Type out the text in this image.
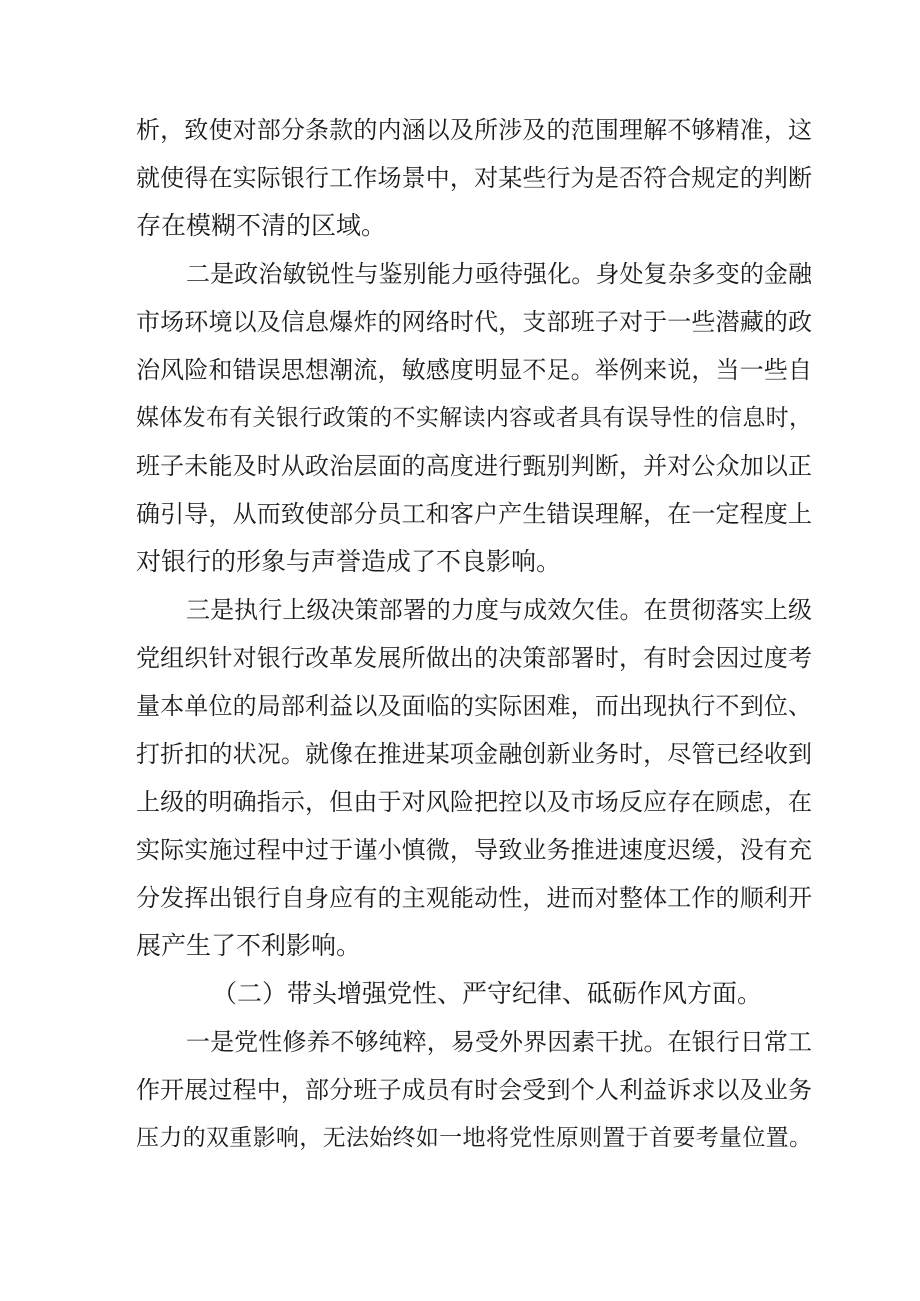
析，致使对部分条款的内涵以及所涉及的范围理解不够精准，这
就使得在实际银行工作场景中，对某些行为是否符合规定的判断
存在模糊不清的区域。
二是政治敏锐性与鉴别能力亟待强化。身处复杂多变的金融
市场环境以及信息爆炸的网络时代，支部班子对于一些潜藏的政
治风险和错误思想潮流，敏感度明显不足。举例来说，当一些自
媒体发布有关银行政策的不实解读内容或者具有误导性的信息时，
班子未能及时从政治层面的高度进行甄别判断，并对公众加以正
确引导，从而致使部分员工和客户产生错误理解，在一定程度上
对银行的形象与声誉造成了不良影响。
三是执行上级决策部署的力度与成效欠佳。在贯彻落实上级
党组织针对银行改革发展所做出的决策部署时，有时会因过度考
量本单位的局部利益以及面临的实际困难，而出现执行不到位、
打折扣的状况。就像在推进某项金融创新业务时，尽管已经收到
上级的明确指示，但由于对风险把控以及市场反应存在顾虑，在
实际实施过程中过于谨小慎微，导致业务推进速度迟缓，没有充
分发挥出银行自身应有的主观能动性，进而对整体工作的顺利开
展产生了不利影响。
（二）带头增强党性、严守纪律、砥砺作风方面。
一是党性修养不够纯粹，易受外界因素干扰。在银行日常工
作开展过程中，部分班子成员有时会受到个人利益诉求以及业务
压力的双重影响，无法始终如一地将党性原则置于首要考量位置。
